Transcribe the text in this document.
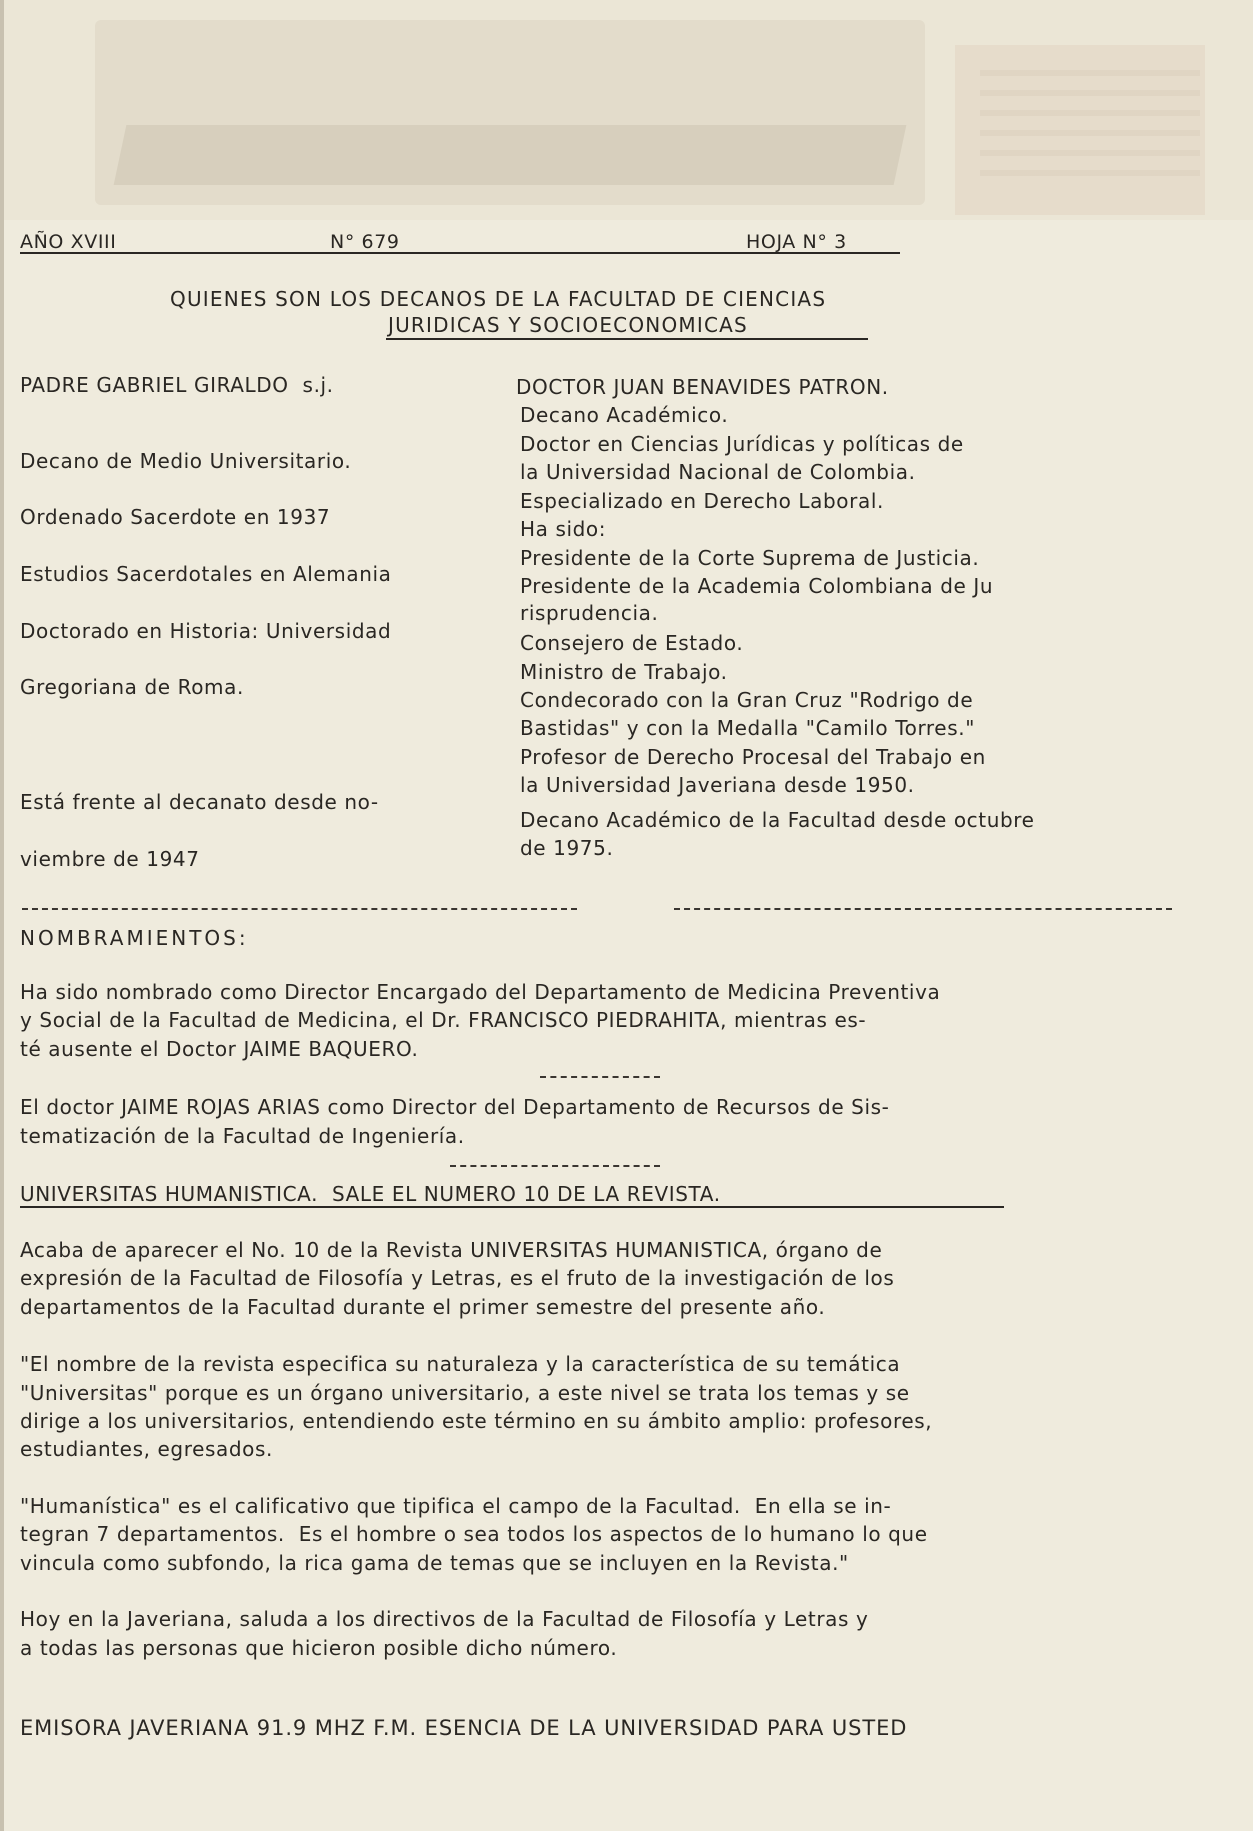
AÑO XVIII	N° 679	HOJA N° 3
QUIENES SON LOS DECANOS DE LA FACULTAD DE CIENCIAS
JURIDICAS Y SOCIOECONOMICAS
PADRE GABRIEL GIRALDO  s.j.
Decano de Medio Universitario.
Ordenado Sacerdote en 1937
Estudios Sacerdotales en Alemania
Doctorado en Historia: Universidad
Gregoriana de Roma.
Está frente al decanato desde no-
viembre de 1947
DOCTOR JUAN BENAVIDES PATRON.
Decano Académico.
Doctor en Ciencias Jurídicas y políticas de
la Universidad Nacional de Colombia.
Especializado en Derecho Laboral.
Ha sido:
Presidente de la Corte Suprema de Justicia.
Presidente de la Academia Colombiana de Ju
risprudencia.
Consejero de Estado.
Ministro de Trabajo.
Condecorado con la Gran Cruz "Rodrigo de
Bastidas" y con la Medalla "Camilo Torres."
Profesor de Derecho Procesal del Trabajo en
la Universidad Javeriana desde 1950.
Decano Académico de la Facultad desde octubre
de 1975.
NOMBRAMIENTOS:
Ha sido nombrado como Director Encargado del Departamento de Medicina Preventiva
y Social de la Facultad de Medicina, el Dr. FRANCISCO PIEDRAHITA, mientras es-
té ausente el Doctor JAIME BAQUERO.
El doctor JAIME ROJAS ARIAS como Director del Departamento de Recursos de Sis-
tematización de la Facultad de Ingeniería.
UNIVERSITAS HUMANISTICA.  SALE EL NUMERO 10 DE LA REVISTA.
Acaba de aparecer el No. 10 de la Revista UNIVERSITAS HUMANISTICA, órgano de
expresión de la Facultad de Filosofía y Letras, es el fruto de la investigación de los
departamentos de la Facultad durante el primer semestre del presente año.
"El nombre de la revista especifica su naturaleza y la característica de su temática
"Universitas" porque es un órgano universitario, a este nivel se trata los temas y se
dirige a los universitarios, entendiendo este término en su ámbito amplio: profesores,
estudiantes, egresados.
"Humanística" es el calificativo que tipifica el campo de la Facultad.  En ella se in-
tegran 7 departamentos.  Es el hombre o sea todos los aspectos de lo humano lo que
vincula como subfondo, la rica gama de temas que se incluyen en la Revista."
Hoy en la Javeriana, saluda a los directivos de la Facultad de Filosofía y Letras y
a todas las personas que hicieron posible dicho número.
EMISORA JAVERIANA 91.9 MHZ F.M. ESENCIA DE LA UNIVERSIDAD PARA USTED
